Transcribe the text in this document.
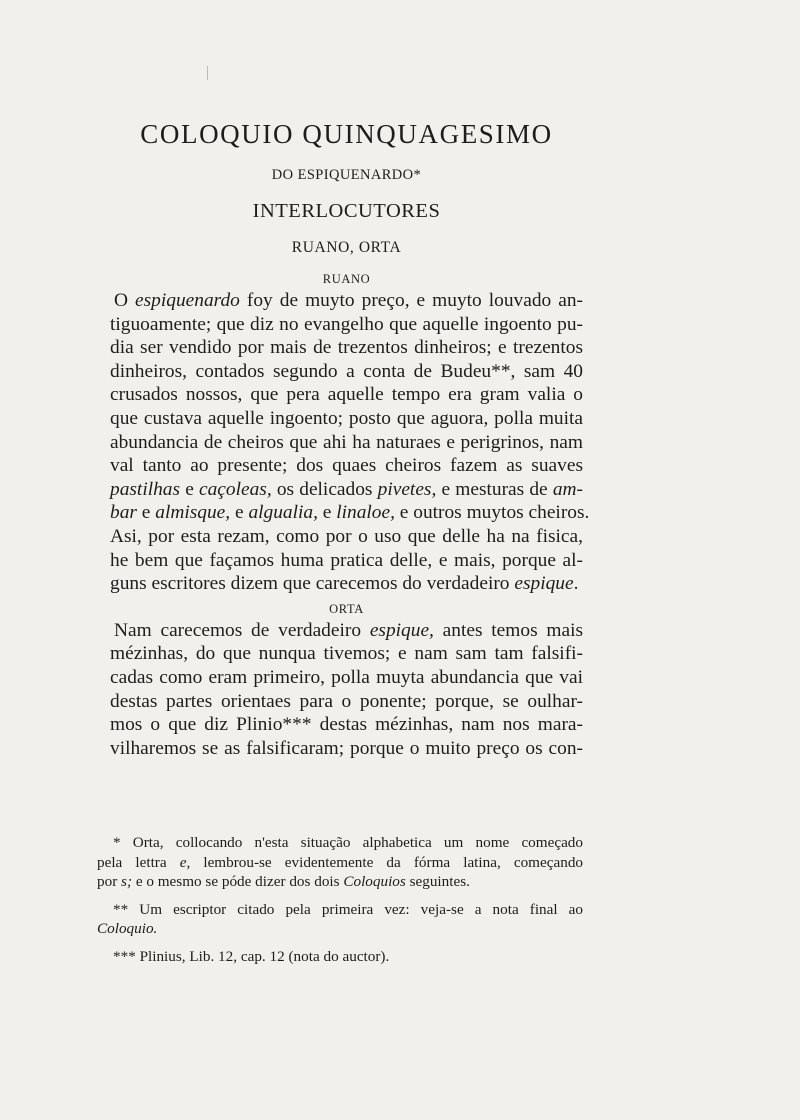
COLOQUIO QUINQUAGESIMO
DO ESPIQUENARDO*
INTERLOCUTORES
RUANO, ORTA
RUANO
O espiquenardo foy de muyto preço, e muyto louvado an-
tiguoamente; que diz no evangelho que aquelle ingoento pu-
dia ser vendido por mais de trezentos dinheiros; e trezentos
dinheiros, contados segundo a conta de Budeu**, sam 40
crusados nossos, que pera aquelle tempo era gram valia o
que custava aquelle ingoento; posto que aguora, polla muita
abundancia de cheiros que ahi ha naturaes e perigrinos, nam
val tanto ao presente; dos quaes cheiros fazem as suaves
pastilhas e caçoleas, os delicados pivetes, e mesturas de am-
bar e almisque, e algualia, e linaloe, e outros muytos cheiros.
Asi, por esta rezam, como por o uso que delle ha na fisica,
he bem que façamos huma pratica delle, e mais, porque al-
guns escritores dizem que carecemos do verdadeiro espique.
ORTA
Nam carecemos de verdadeiro espique, antes temos mais
mézinhas, do que nunqua tivemos; e nam sam tam falsifi-
cadas como eram primeiro, polla muyta abundancia que vai
destas partes orientaes para o ponente; porque, se oulhar-
mos o que diz Plinio*** destas mézinhas, nam nos mara-
vilharemos se as falsificaram; porque o muito preço os con-
* Orta, collocando n'esta situação alphabetica um nome começado
pela lettra e, lembrou-se evidentemente da fórma latina, começando
por s; e o mesmo se póde dizer dos dois Coloquios seguintes.
** Um escriptor citado pela primeira vez: veja-se a nota final ao
Coloquio.
*** Plinius, Lib. 12, cap. 12 (nota do auctor).
